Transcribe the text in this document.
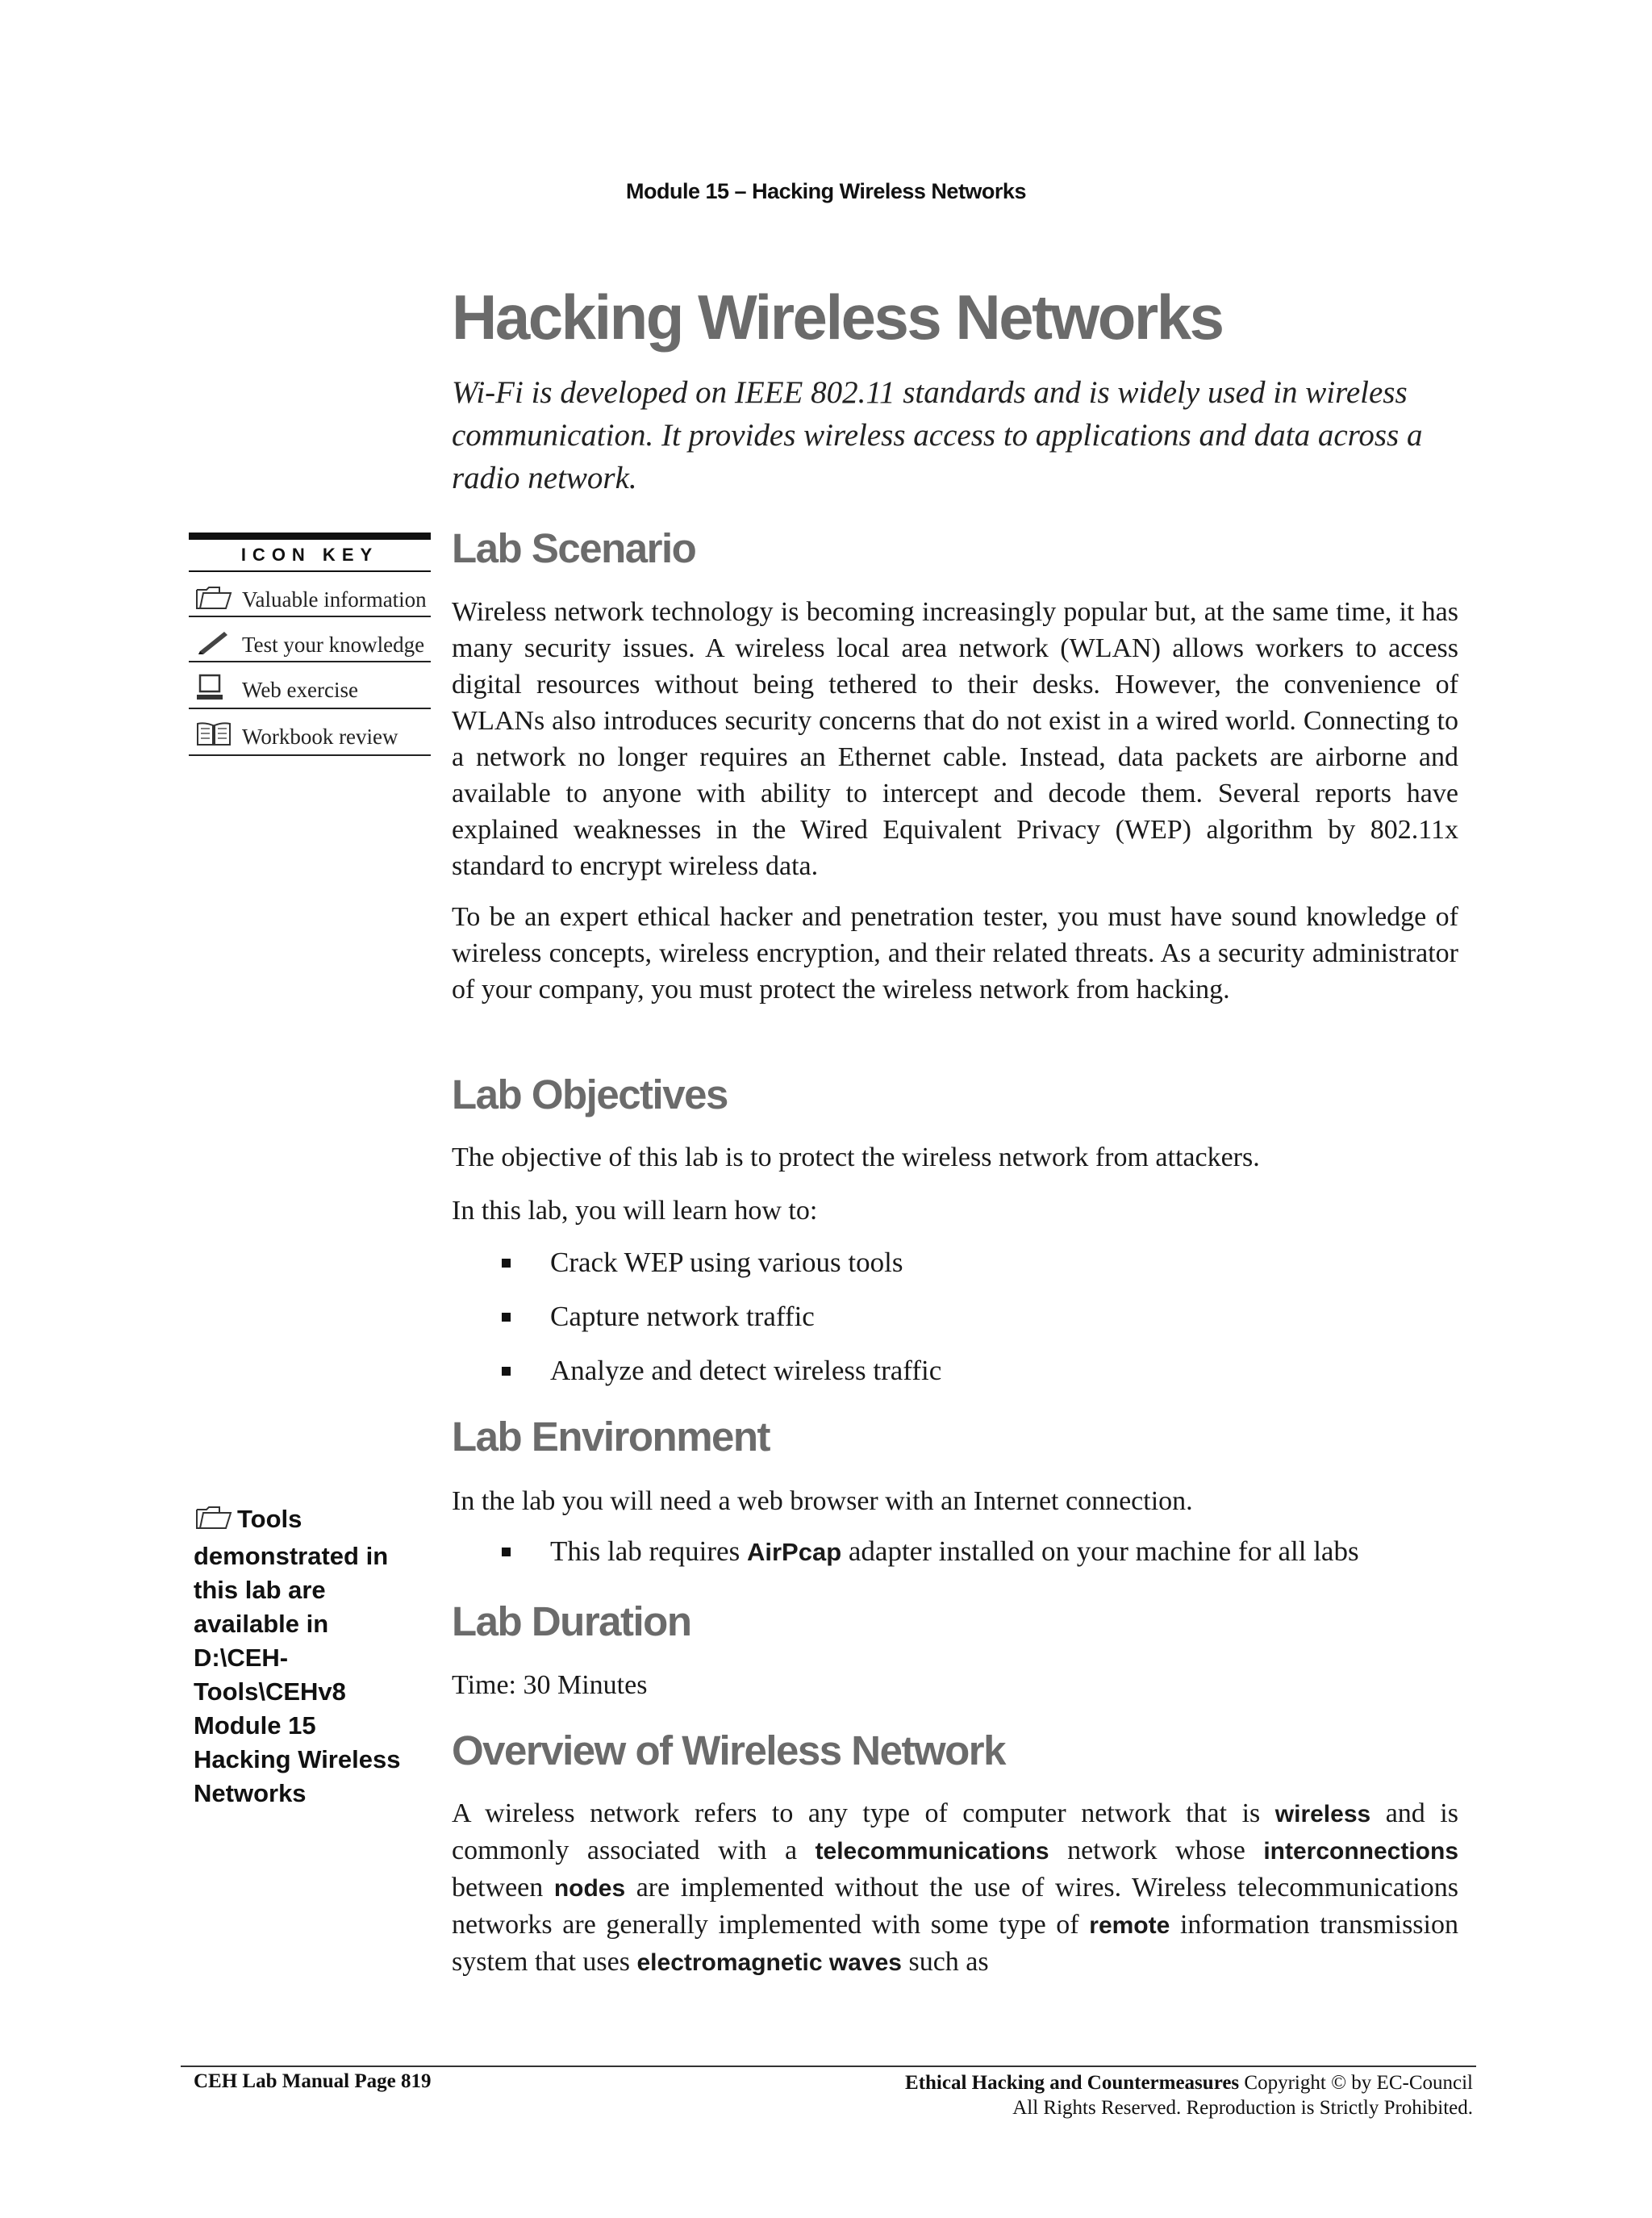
Module 15 – Hacking Wireless Networks
Hacking Wireless Networks
Wi-Fi is developed on IEEE 802.11 standards and is widely used in wireless communication. It provides wireless access to applications and data across a radio network.
ICON KEY
Valuable information
Test your knowledge
Web exercise
Workbook review
Tools
demonstrated in
this lab are
available in
D:\CEH-
Tools\CEHv8
Module 15
Hacking Wireless
Networks
Lab Scenario
Wireless network technology is becoming increasingly popular but, at the same time, it has many security issues. A wireless local area network (WLAN) allows workers to access digital resources without being tethered to their desks. However, the convenience of WLANs also introduces security concerns that do not exist in a wired world. Connecting to a network no longer requires an Ethernet cable. Instead, data packets are airborne and available to anyone with ability to intercept and decode them. Several reports have explained weaknesses in the Wired Equivalent Privacy (WEP) algorithm by 802.11x standard to encrypt wireless data.
To be an expert ethical hacker and penetration tester, you must have sound knowledge of wireless concepts, wireless encryption, and their related threats. As a security administrator of your company, you must protect the wireless network from hacking.
Lab Objectives
The objective of this lab is to protect the wireless network from attackers.
In this lab, you will learn how to:
Crack WEP using various tools
Capture network traffic
Analyze and detect wireless traffic
Lab Environment
In the lab you will need a web browser with an Internet connection.
This lab requires AirPcap adapter installed on your machine for all labs
Lab Duration
Time: 30 Minutes
Overview of Wireless Network
A wireless network refers to any type of computer network that is wireless and is commonly associated with a telecommunications network whose interconnections between nodes are implemented without the use of wires. Wireless telecommunications networks are generally implemented with some type of remote information transmission system that uses electromagnetic waves such as
CEH Lab Manual Page 819	Ethical Hacking and Countermeasures Copyright © by EC-Council
All Rights Reserved. Reproduction is Strictly Prohibited.
